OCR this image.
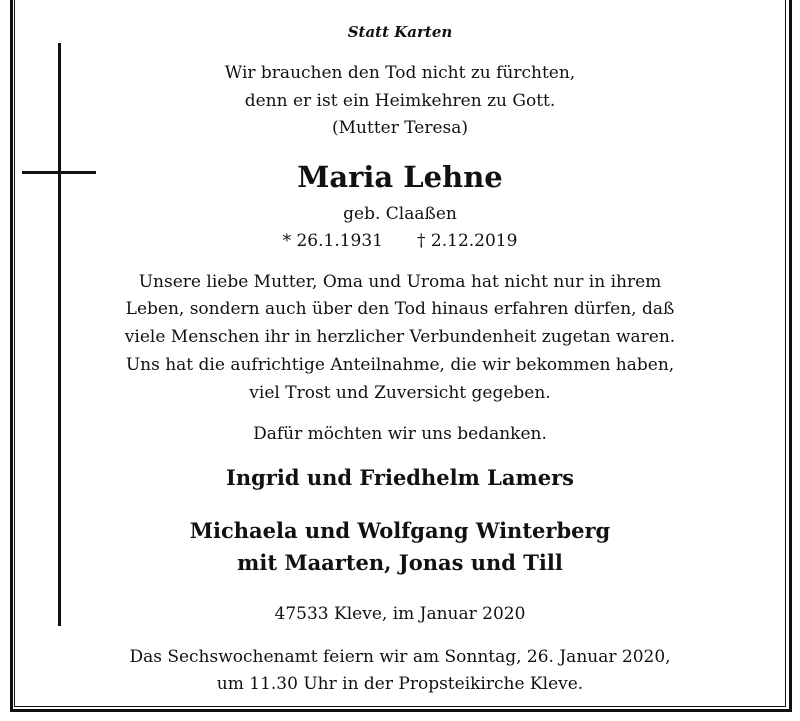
Statt Karten
Wir brauchen den Tod nicht zu fürchten,
denn er ist ein Heimkehren zu Gott.
(Mutter Teresa)
Maria Lehne
geb. Claaßen
* 26.1.1931 † 2.12.2019
Unsere liebe Mutter, Oma und Uroma hat nicht nur in ihrem
Leben, sondern auch über den Tod hinaus erfahren dürfen, daß
viele Menschen ihr in herzlicher Verbundenheit zugetan waren.
Uns hat die aufrichtige Anteilnahme, die wir bekommen haben,
viel Trost und Zuversicht gegeben.
Dafür möchten wir uns bedanken.
Ingrid und Friedhelm Lamers
Michaela und Wolfgang Winterberg
mit Maarten, Jonas und Till
47533 Kleve, im Januar 2020
Das Sechswochenamt feiern wir am Sonntag, 26. Januar 2020,
um 11.30 Uhr in der Propsteikirche Kleve.
